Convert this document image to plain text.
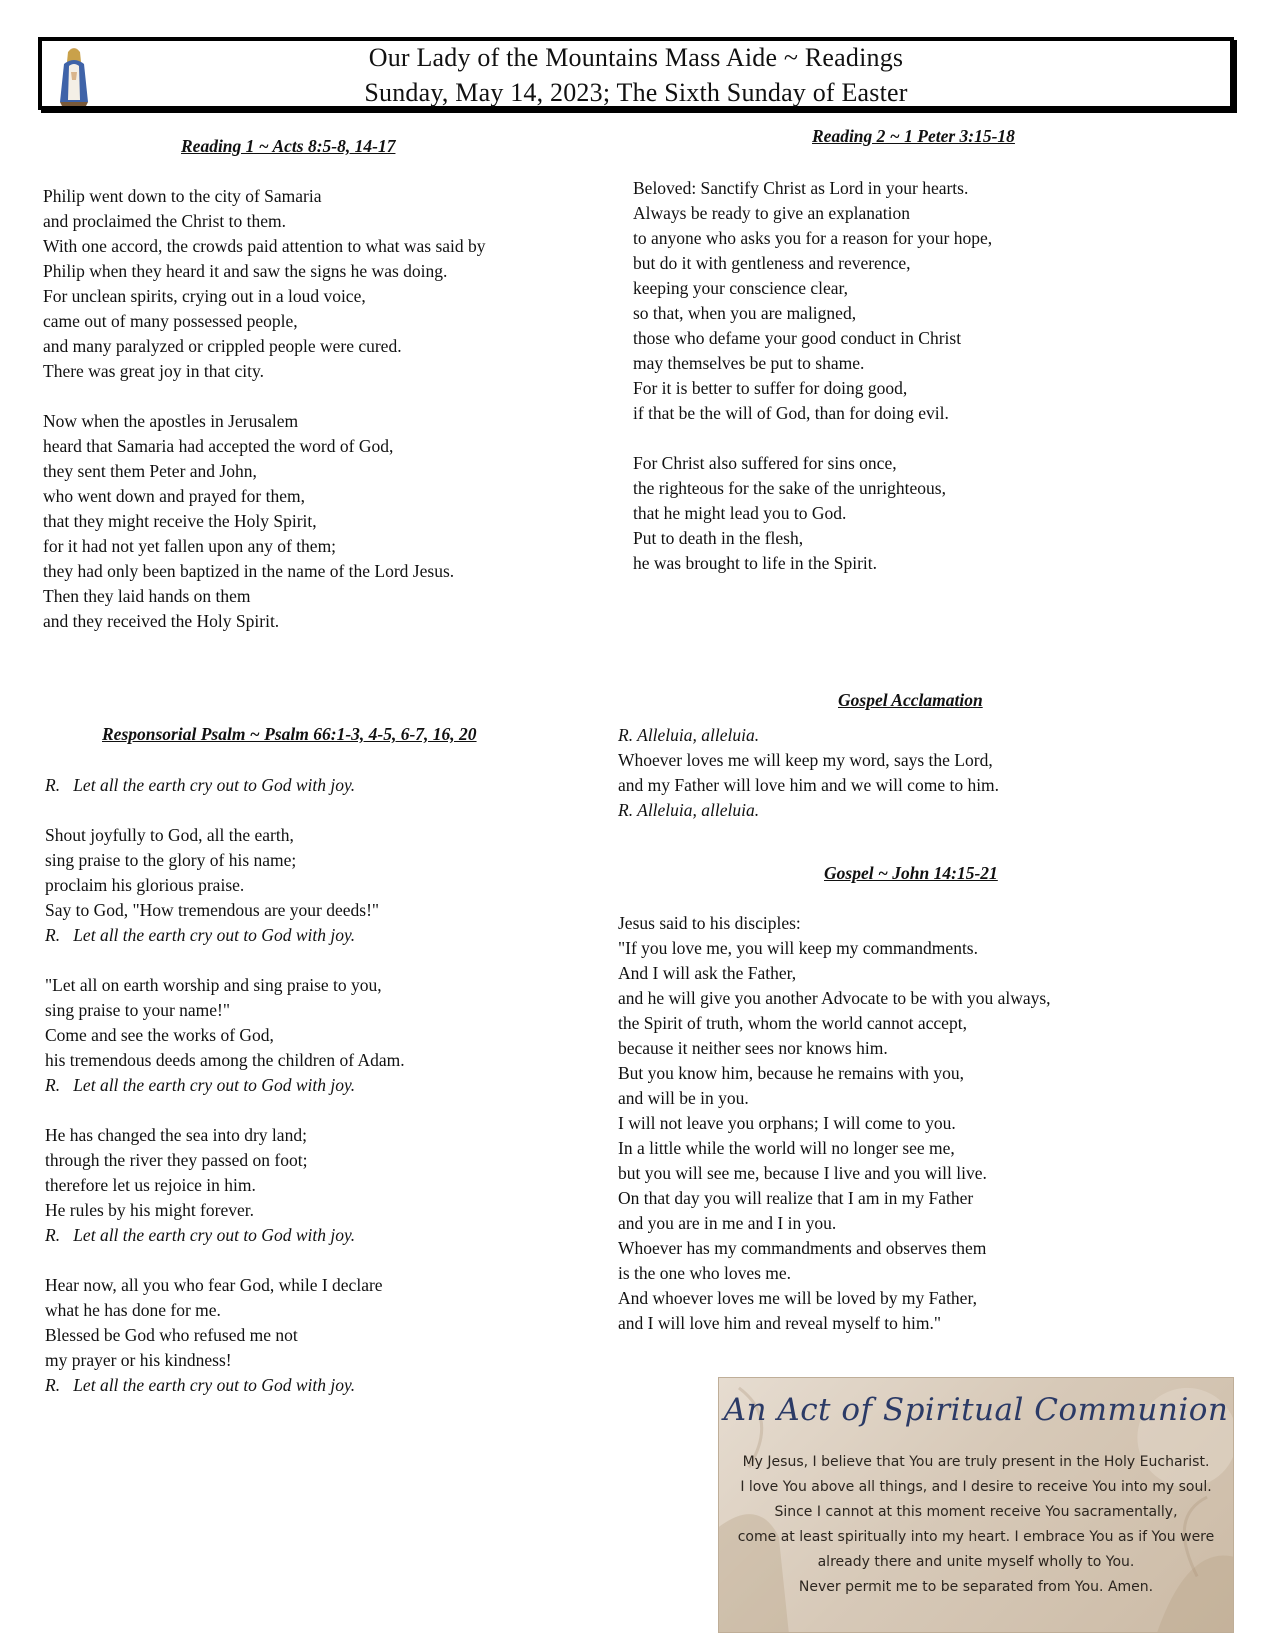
Our Lady of the Mountains Mass Aide ~ Readings
Sunday, May 14, 2023; The Sixth Sunday of Easter
Reading 1 ~ Acts 8:5-8, 14-17
Philip went down to the city of Samaria
and proclaimed the Christ to them.
With one accord, the crowds paid attention to what was said by
Philip when they heard it and saw the signs he was doing.
For unclean spirits, crying out in a loud voice,
came out of many possessed people,
and many paralyzed or crippled people were cured.
There was great joy in that city.
Now when the apostles in Jerusalem
heard that Samaria had accepted the word of God,
they sent them Peter and John,
who went down and prayed for them,
that they might receive the Holy Spirit,
for it had not yet fallen upon any of them;
they had only been baptized in the name of the Lord Jesus.
Then they laid hands on them
and they received the Holy Spirit.
Reading 2 ~ 1 Peter 3:15-18
Beloved: Sanctify Christ as Lord in your hearts.
Always be ready to give an explanation
to anyone who asks you for a reason for your hope,
but do it with gentleness and reverence,
keeping your conscience clear,
so that, when you are maligned,
those who defame your good conduct in Christ
may themselves be put to shame.
For it is better to suffer for doing good,
if that be the will of God, than for doing evil.
For Christ also suffered for sins once,
the righteous for the sake of the unrighteous,
that he might lead you to God.
Put to death in the flesh,
he was brought to life in the Spirit.
Responsorial Psalm ~ Psalm 66:1-3, 4-5, 6-7, 16, 20
R. Let all the earth cry out to God with joy.
Shout joyfully to God, all the earth,
sing praise to the glory of his name;
proclaim his glorious praise.
Say to God, "How tremendous are your deeds!"
R. Let all the earth cry out to God with joy.
"Let all on earth worship and sing praise to you,
sing praise to your name!"
Come and see the works of God,
his tremendous deeds among the children of Adam.
R. Let all the earth cry out to God with joy.
He has changed the sea into dry land;
through the river they passed on foot;
therefore let us rejoice in him.
He rules by his might forever.
R. Let all the earth cry out to God with joy.
Hear now, all you who fear God, while I declare
what he has done for me.
Blessed be God who refused me not
my prayer or his kindness!
R. Let all the earth cry out to God with joy.
Gospel Acclamation
R. Alleluia, alleluia.
Whoever loves me will keep my word, says the Lord,
and my Father will love him and we will come to him.
R. Alleluia, alleluia.
Gospel ~ John 14:15-21
Jesus said to his disciples:
"If you love me, you will keep my commandments.
And I will ask the Father,
and he will give you another Advocate to be with you always,
the Spirit of truth, whom the world cannot accept,
because it neither sees nor knows him.
But you know him, because he remains with you,
and will be in you.
I will not leave you orphans; I will come to you.
In a little while the world will no longer see me,
but you will see me, because I live and you will live.
On that day you will realize that I am in my Father
and you are in me and I in you.
Whoever has my commandments and observes them
is the one who loves me.
And whoever loves me will be loved by my Father,
and I will love him and reveal myself to him."
An Act of Spiritual Communion
My Jesus, I believe that You are truly present in the Holy Eucharist.
I love You above all things, and I desire to receive You into my soul.
Since I cannot at this moment receive You sacramentally,
come at least spiritually into my heart. I embrace You as if You were
already there and unite myself wholly to You.
Never permit me to be separated from You. Amen.
